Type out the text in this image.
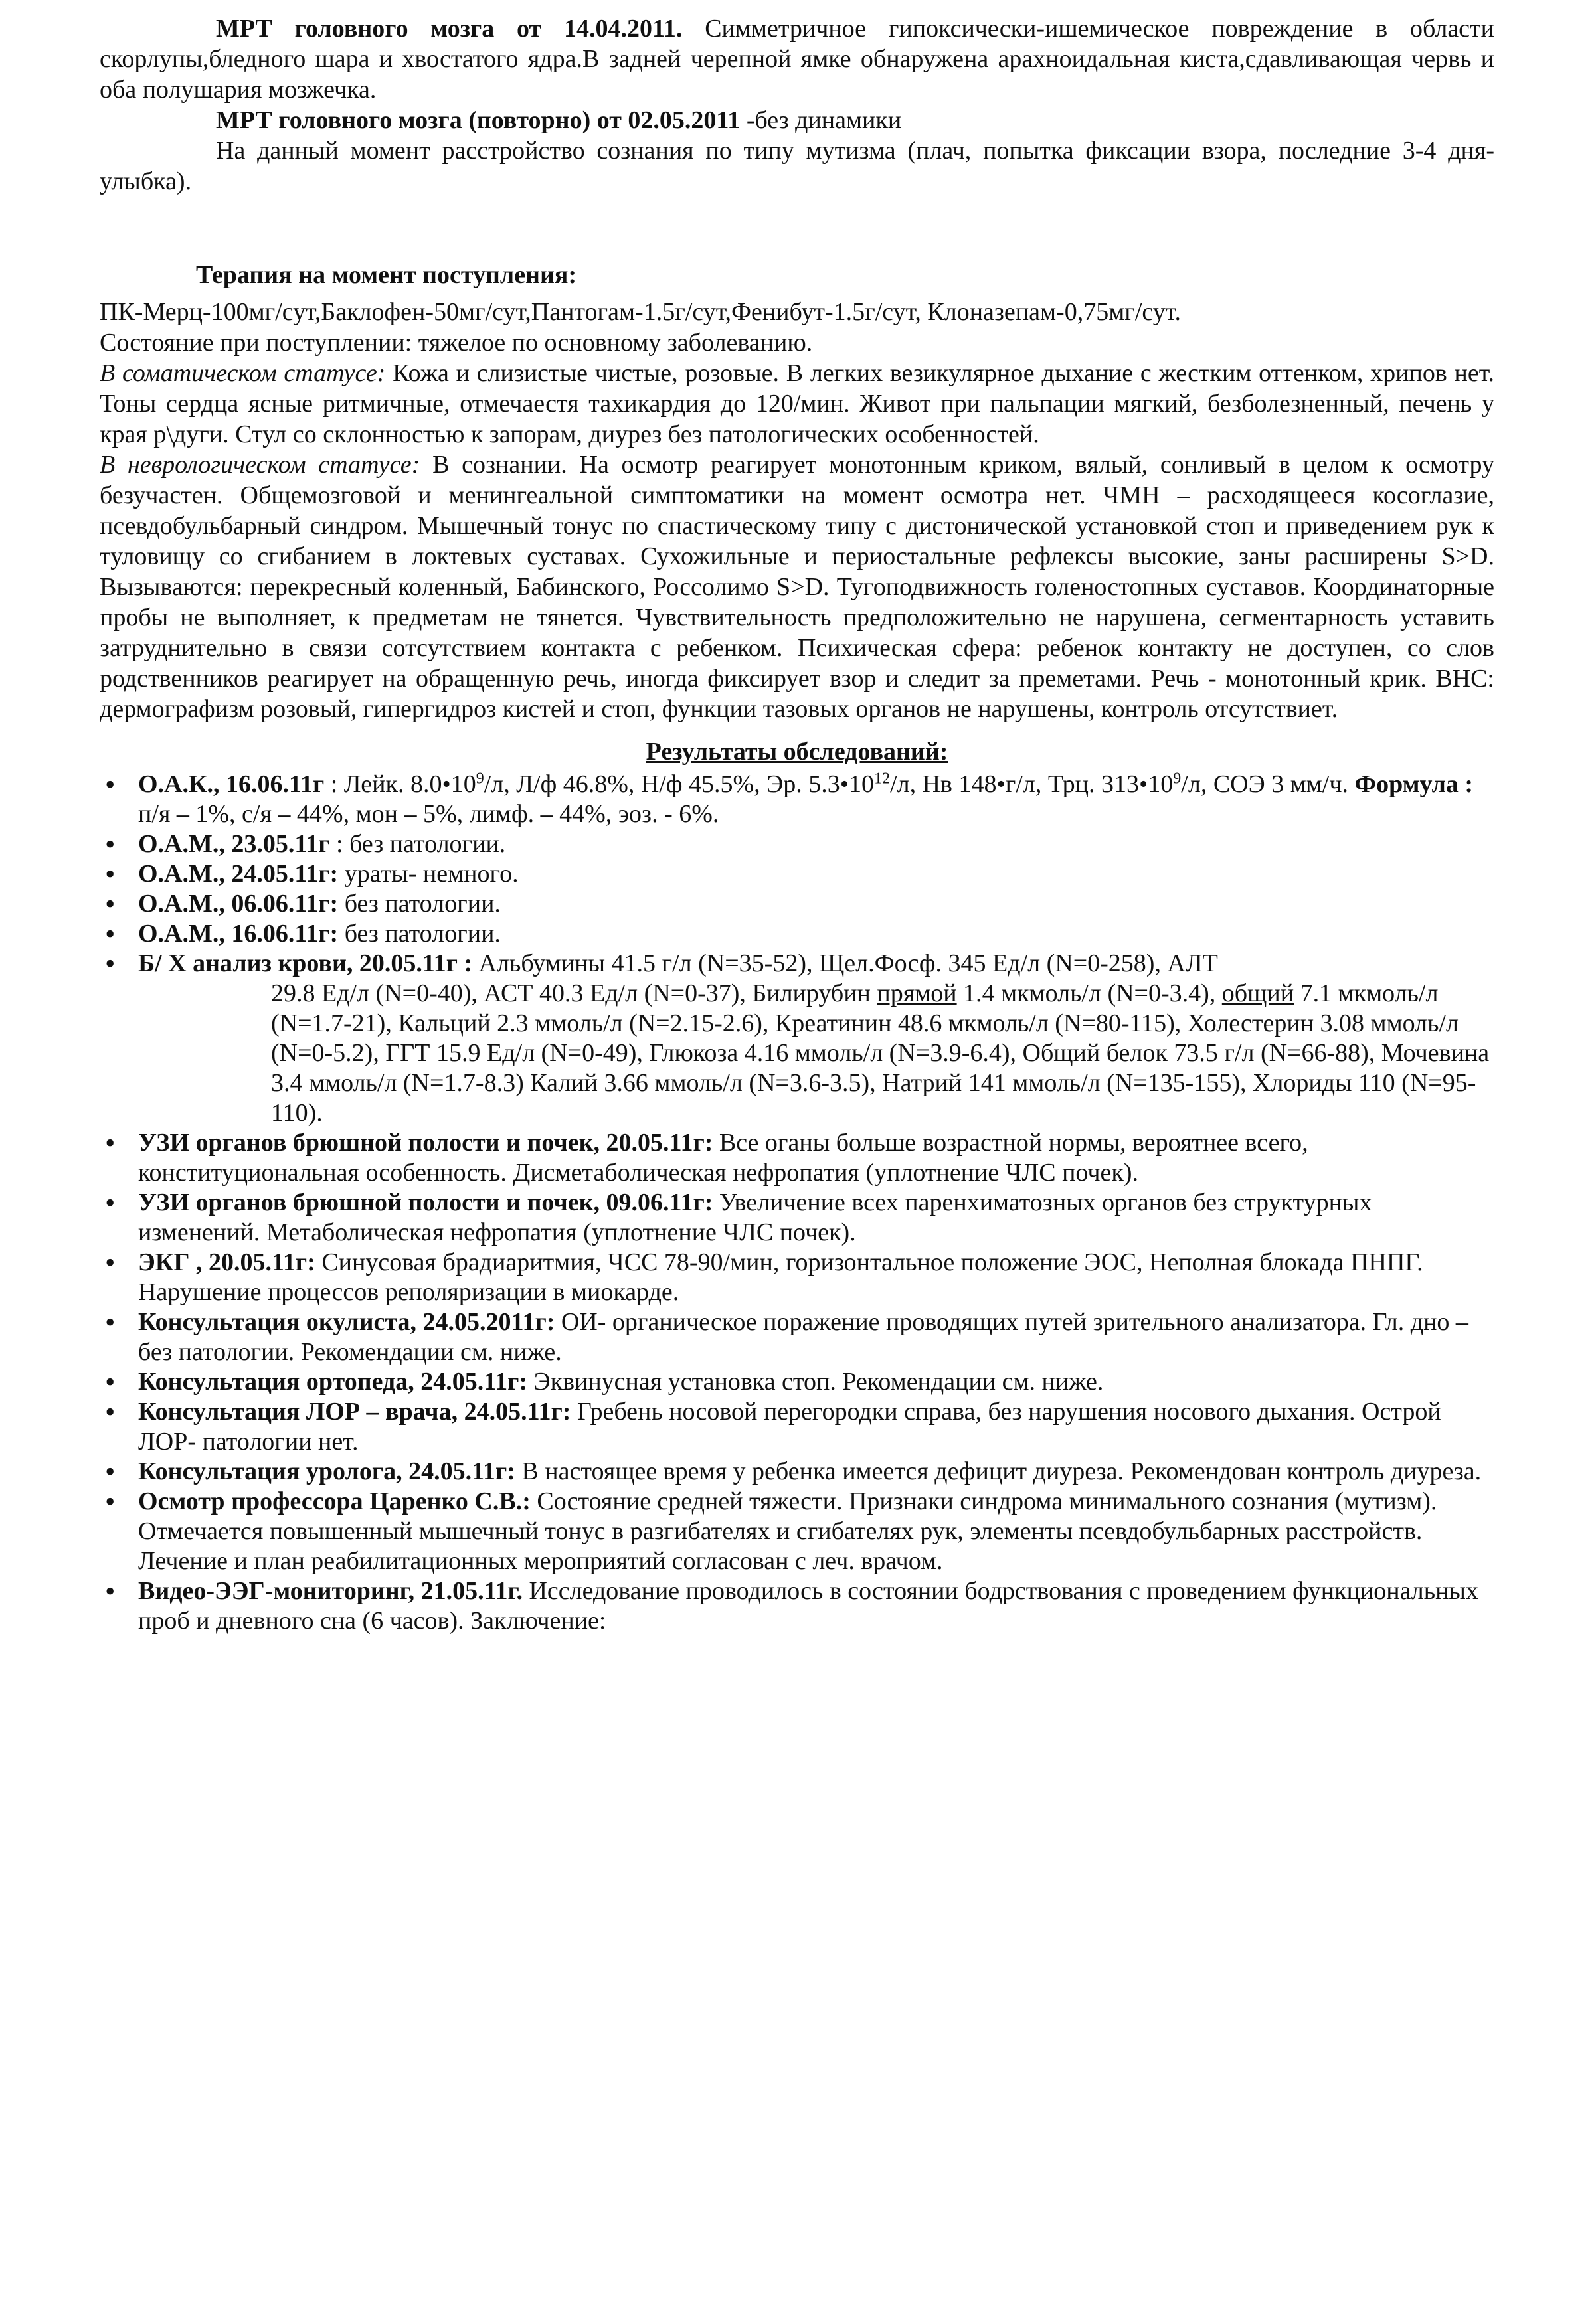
МРТ головного мозга от 14.04.2011. Симметричное гипоксически-ишемическое повреждение в области скорлупы,бледного шара и хвостатого ядра.В задней черепной ямке обнаружена арахноидальная киста,сдавливающая червь и оба полушария мозжечка.

МРТ головного мозга (повторно) от 02.05.2011 -без динамики

На данный момент расстройство сознания по типу мутизма (плач, попытка фиксации взора, последние 3-4 дня- улыбка).

Терапия на момент поступления:

ПК-Мерц-100мг/сут,Баклофен-50мг/сут,Пантогам-1.5г/сут,Фенибут-1.5г/сут, Клоназепам-0,75мг/сут.

Состояние при поступлении: тяжелое по основному заболеванию.

В соматическом статусе: Кожа и слизистые чистые, розовые. В легких везикулярное дыхание с жестким оттенком, хрипов нет. Тоны сердца ясные ритмичные, отмечаестя тахикардия до 120/мин. Живот при пальпации мягкий, безболезненный, печень у края р\дуги. Стул со склонностью к запорам, диурез без патологических особенностей.

В неврологическом статусе: В сознании. На осмотр реагирует монотонным криком, вялый, сонливый в целом к осмотру безучастен. Общемозговой и менингеальной симптоматики на момент осмотра нет. ЧМН – расходящееся косоглазие, псевдобульбарный синдром. Мышечный тонус по спастическому типу с дистонической установкой стоп и приведением рук к туловищу со сгибанием в локтевых суставах. Сухожильные и периостальные рефлексы высокие, заны расширены S>D. Вызываются: перекресный коленный, Бабинского, Россолимо S>D. Тугоподвижность голеностопных суставов. Координаторные пробы не выполняет, к предметам не тянется. Чувствительность предположительно не нарушена, сегментарность уставить затруднительно в связи сотсутствием контакта с ребенком. Психическая сфера: ребенок контакту не доступен, со слов родственников реагирует на обращенную речь, иногда фиксирует взор и следит за преметами. Речь - монотонный крик. ВНС: дермографизм розовый, гипергидроз кистей и стоп, функции тазовых органов не нарушены, контроль отсутствиет.

Результаты обследований:

• О.А.К., 16.06.11г : Лейк. $8.0•10^9/л$, Л/ф 46.8%, Н/ф 45.5%, Эр. $5.3•10^{12}/л$, Нв 148•г/л, Трц. $313•10^9/л$, СОЭ 3 мм/ч. Формула : п/я – 1%, с/я – 44%, мон – 5%, лимф. – 44%, эоз. - 6%.
• О.А.М., 23.05.11г : без патологии.
• О.А.М., 24.05.11г: ураты- немного.
• О.А.М., 06.06.11г: без патологии.
• О.А.М., 16.06.11г: без патологии.
• Б/ Х анализ крови, 20.05.11г : Альбумины 41.5 г/л (N=35-52), Щел.Фосф. 345 Ед/л (N=0-258), АЛТ
29.8 Ед/л (N=0-40), АСТ 40.3 Ед/л (N=0-37), Билирубин прямой 1.4 мкмоль/л (N=0-3.4), общий 7.1 мкмоль/л (N=1.7-21), Кальций 2.3 ммоль/л (N=2.15-2.6), Креатинин 48.6 мкмоль/л (N=80-115), Холестерин 3.08 ммоль/л (N=0-5.2), ГГТ 15.9 Ед/л (N=0-49), Глюкоза 4.16 ммоль/л (N=3.9-6.4), Общий белок 73.5 г/л (N=66-88), Мочевина 3.4 ммоль/л (N=1.7-8.3) Калий 3.66 ммоль/л (N=3.6-3.5), Натрий 141 ммоль/л (N=135-155), Хлориды 110 (N=95-110).
• УЗИ органов брюшной полости и почек, 20.05.11г: Все оганы больше возрастной нормы, вероятнее всего, конституциональная особенность. Дисметаболическая нефропатия (уплотнение ЧЛС почек).
• УЗИ органов брюшной полости и почек, 09.06.11г: Увеличение всех паренхиматозных органов без структурных изменений. Метаболическая нефропатия (уплотнение ЧЛС почек).
• ЭКГ , 20.05.11г: Синусовая брадиаритмия, ЧСС 78-90/мин, горизонтальное положение ЭОС, Неполная блокада ПНПГ. Нарушение процессов реполяризации в миокарде.
• Консультация окулиста, 24.05.2011г: ОИ- органическое поражение проводящих путей зрительного анализатора. Гл. дно – без патологии. Рекомендации см. ниже.
• Консультация ортопеда, 24.05.11г: Эквинусная установка стоп. Рекомендации см. ниже.
• Консультация ЛОР – врача, 24.05.11г: Гребень носовой перегородки справа, без нарушения носового дыхания. Острой ЛОР- патологии нет.
• Консультация уролога, 24.05.11г: В настоящее время у ребенка имеется дефицит диуреза. Рекомендован контроль диуреза.
• Осмотр профессора Царенко С.В.: Состояние средней тяжести. Признаки синдрома минимального сознания (мутизм). Отмечается повышенный мышечный тонус в разгибателях и сгибателях рук, элементы псевдобульбарных расстройств. Лечение и план реабилитационных мероприятий согласован с леч. врачом.
• Видео-ЭЭГ-мониторинг, 21.05.11г. Исследование проводилось в состоянии бодрствования с проведением функциональных проб и дневного сна (6 часов). Заключение:
